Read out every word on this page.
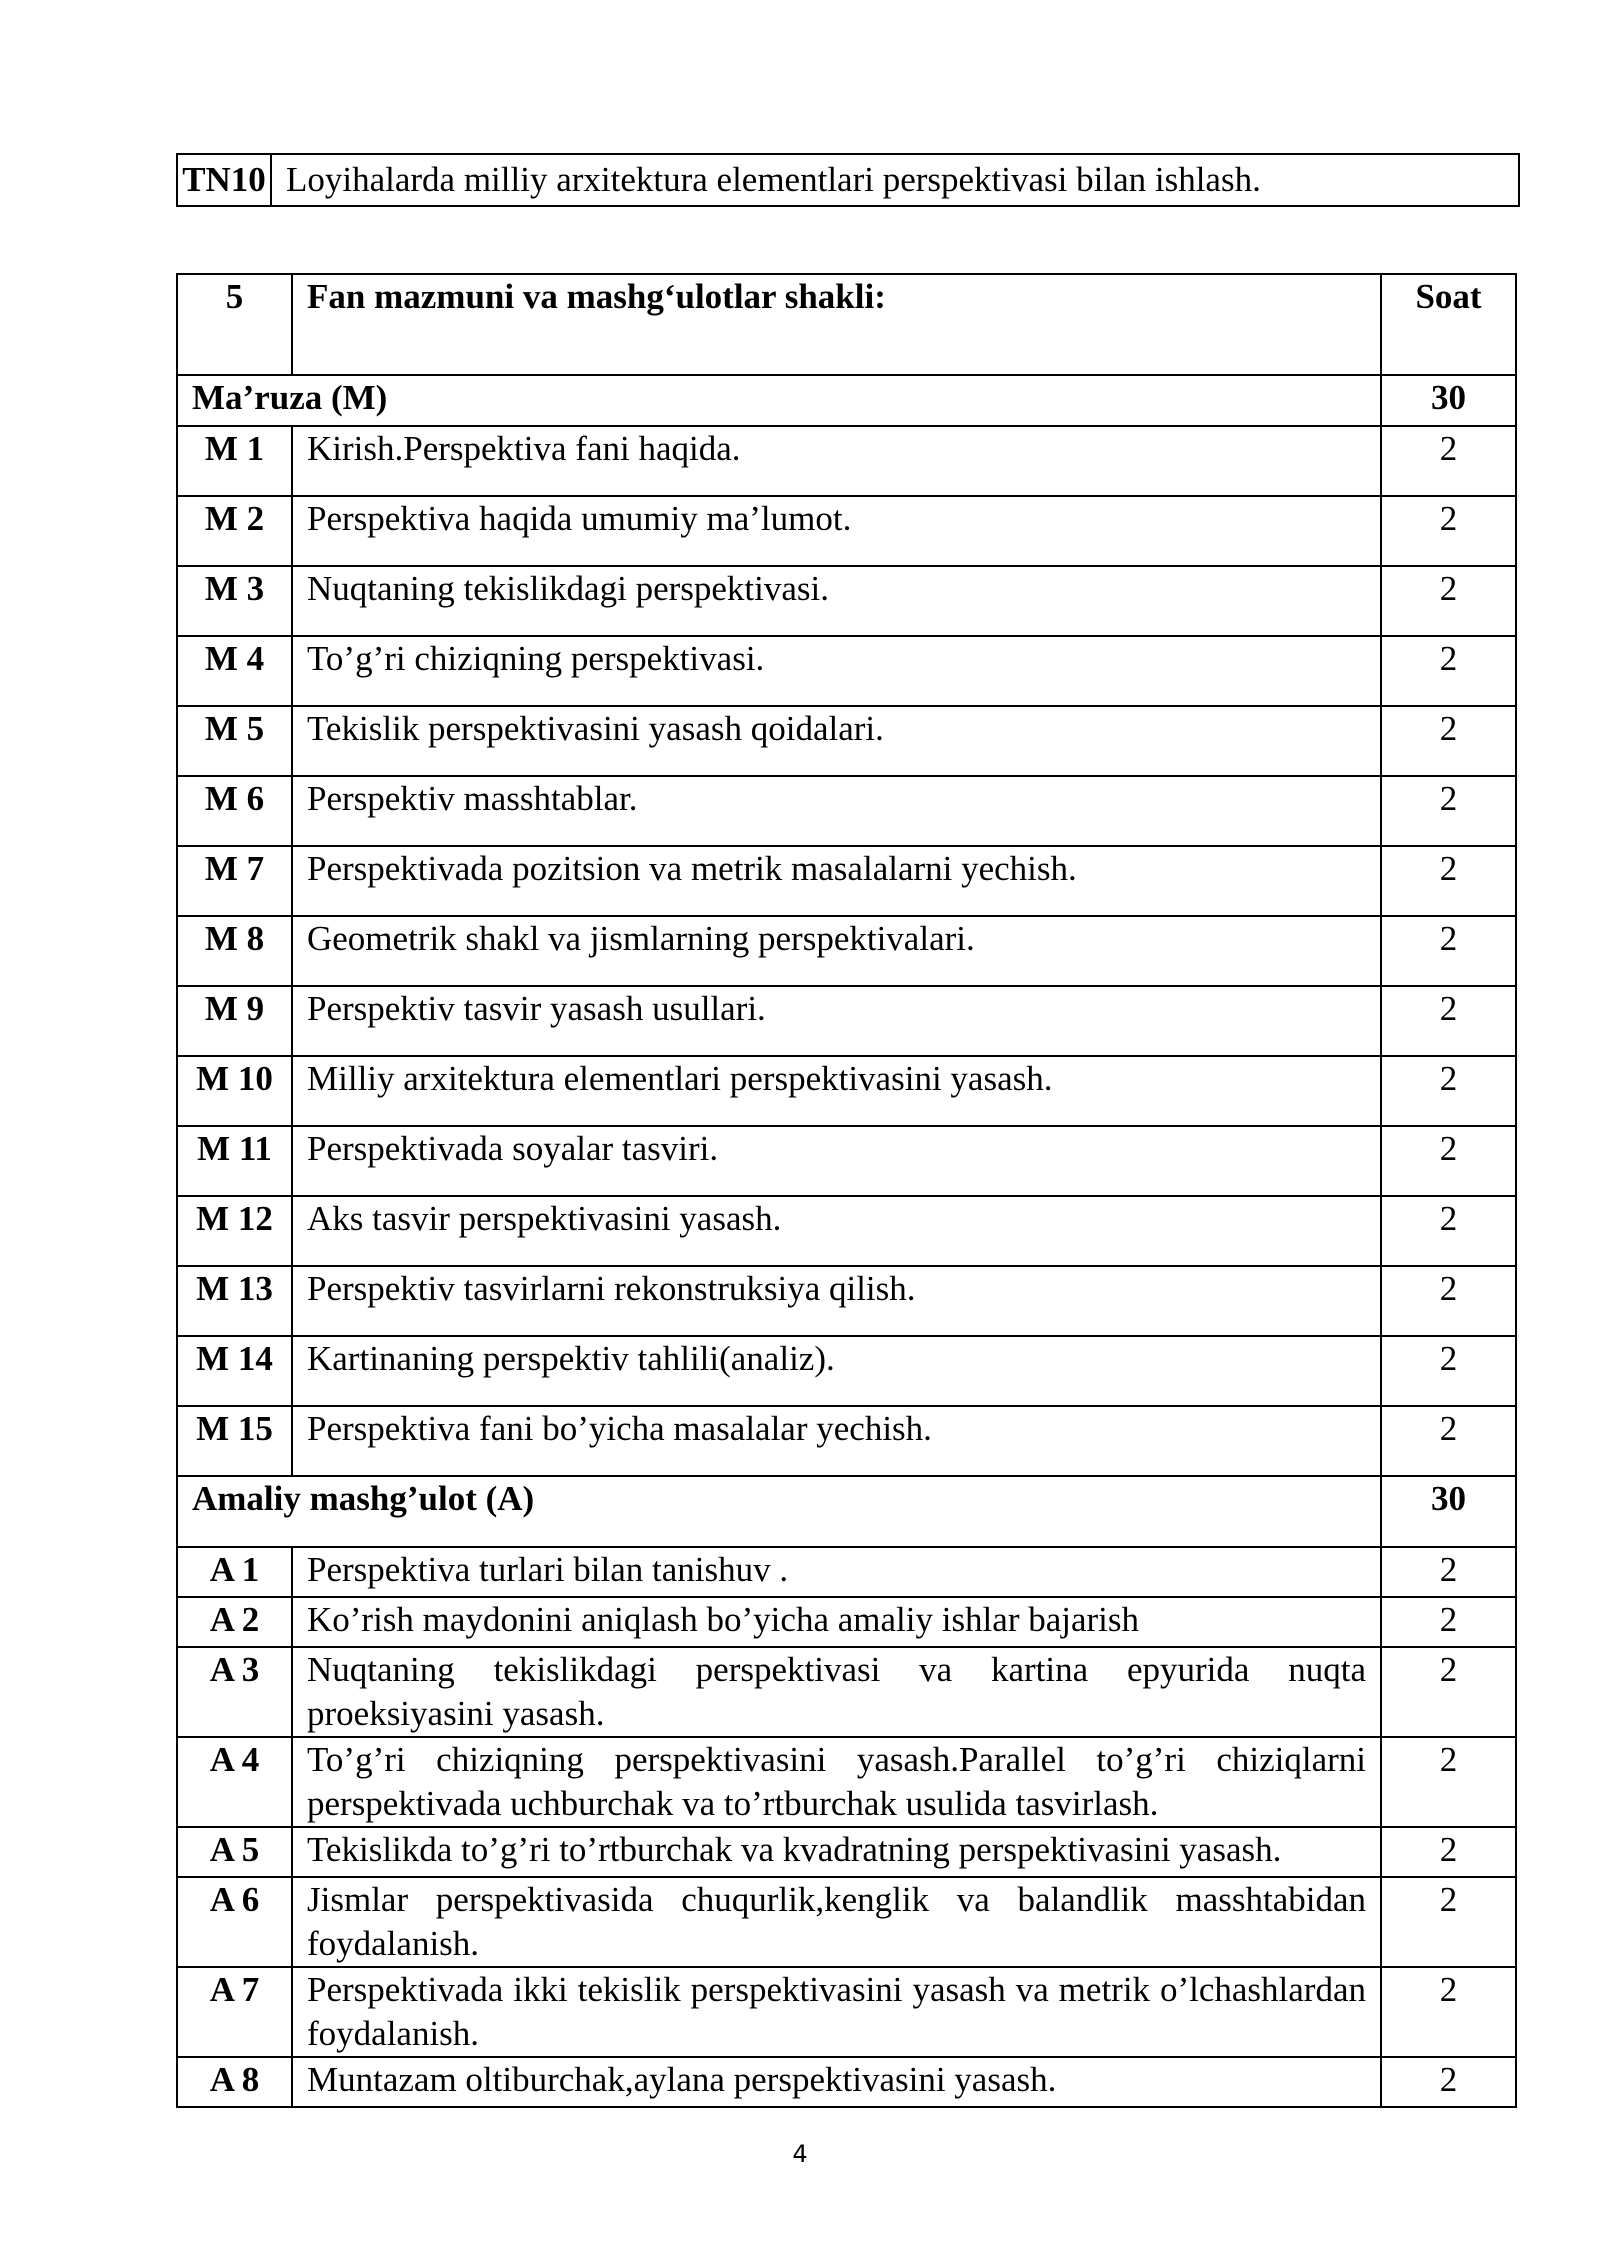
TN10	Loyihalarda milliy arxitektura elementlari perspektivasi bilan ishlash.
5	Fan mazmuni va mashg‘ulotlar shakli:	Soat
Ma’ruza (M)		30
M 1	Kirish.Perspektiva fani haqida.	2
M 2	Perspektiva haqida umumiy ma’lumot.	2
M 3	Nuqtaning tekislikdagi perspektivasi.	2
M 4	To’g’ri chiziqning perspektivasi.	2
M 5	Tekislik perspektivasini yasash qoidalari.	2
M 6	Perspektiv masshtablar.	2
M 7	Perspektivada pozitsion va metrik masalalarni yechish.	2
M 8	Geometrik shakl va jismlarning perspektivalari.	2
M 9	Perspektiv tasvir yasash usullari.	2
M 10	Milliy arxitektura elementlari perspektivasini yasash.	2
M 11	Perspektivada soyalar tasviri.	2
M 12	Aks tasvir perspektivasini yasash.	2
M 13	Perspektiv tasvirlarni rekonstruksiya qilish.	2
M 14	Kartinaning perspektiv tahlili(analiz).	2
M 15	Perspektiva fani bo’yicha masalalar yechish.	2
Amaliy mashg’ulot (A)		30
A 1	Perspektiva turlari bilan tanishuv .	2
A 2	Ko’rish maydonini aniqlash bo’yicha amaliy ishlar bajarish	2
A 3	Nuqtaning tekislikdagi perspektivasi va kartina epyurida nuqta proeksiyasini yasash.	2
A 4	To’g’ri chiziqning perspektivasini yasash.Parallel to’g’ri chiziqlarni perspektivada uchburchak va to’rtburchak usulida tasvirlash.	2
A 5	Tekislikda to’g’ri to’rtburchak va kvadratning perspektivasini yasash.	2
A 6	Jismlar perspektivasida chuqurlik,kenglik va balandlik masshtabidan foydalanish.	2
A 7	Perspektivada ikki tekislik perspektivasini yasash va metrik o’lchashlardan foydalanish.	2
A 8	Muntazam oltiburchak,aylana perspektivasini yasash.	2
4
